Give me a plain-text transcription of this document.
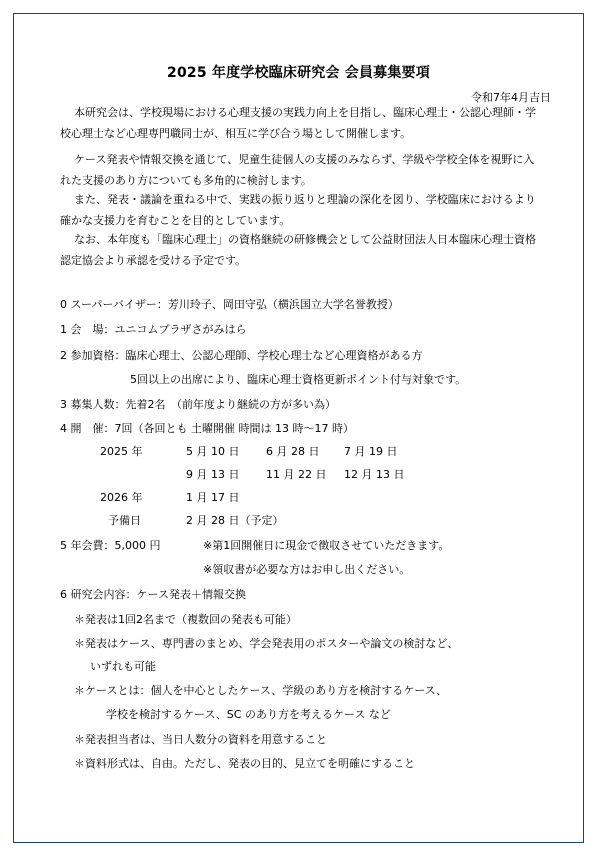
2025 年度学校臨床研究会 会員募集要項
令和7年4月吉日

本研究会は、学校現場における心理支援の実践力向上を目指し、臨床心理士・公認心理師・学校心理士など心理専門職同士が、相互に学び合う場として開催します。

ケース発表や情報交換を通じて、児童生徒個人の支援のみならず、学級や学校全体を視野に入れた支援のあり方についても多角的に検討します。

また、発表・議論を重ねる中で、実践の振り返りと理論の深化を図り、学校臨床におけるより確かな支援力を育むことを目的としています。

なお、本年度も「臨床心理士」の資格継続の研修機会として公益財団法人日本臨床心理士資格認定協会より承認を受ける予定です。

0 スーパーバイザー：芳川玲子、岡田守弘（横浜国立大学名誉教授）
1 会　場：ユニコムプラザさがみはら
2 参加資格：臨床心理士、公認心理師、学校心理士など心理資格がある方
5回以上の出席により、臨床心理士資格更新ポイント付与対象です。
3 募集人数：先着2名　（前年度より継続の方が多い為）
4 開　催：7回（各回とも 土曜開催 時間は 13 時～17 時）
2025 年	5 月 10 日 6 月 28 日 7 月 19 日
9 月 13 日 11 月 22 日 12 月 13 日
2026 年	1 月 17 日
予備日	2 月 28 日（予定）
5 年会費：5,000 円	※第1回開催日に現金で徴収させていただきます。
※領収書が必要な方はお申し出ください。
6 研究会内容：ケース発表＋情報交換
＊発表は1回2名まで（複数回の発表も可能）
＊発表はケース、専門書のまとめ、学会発表用のポスターや論文の検討など、
いずれも可能
＊ケースとは：個人を中心としたケース、学級のあり方を検討するケース、
学校を検討するケース、SC のあり方を考えるケース など
＊発表担当者は、当日人数分の資料を用意すること
＊資料形式は、自由。ただし、発表の目的、見立てを明確にすること
